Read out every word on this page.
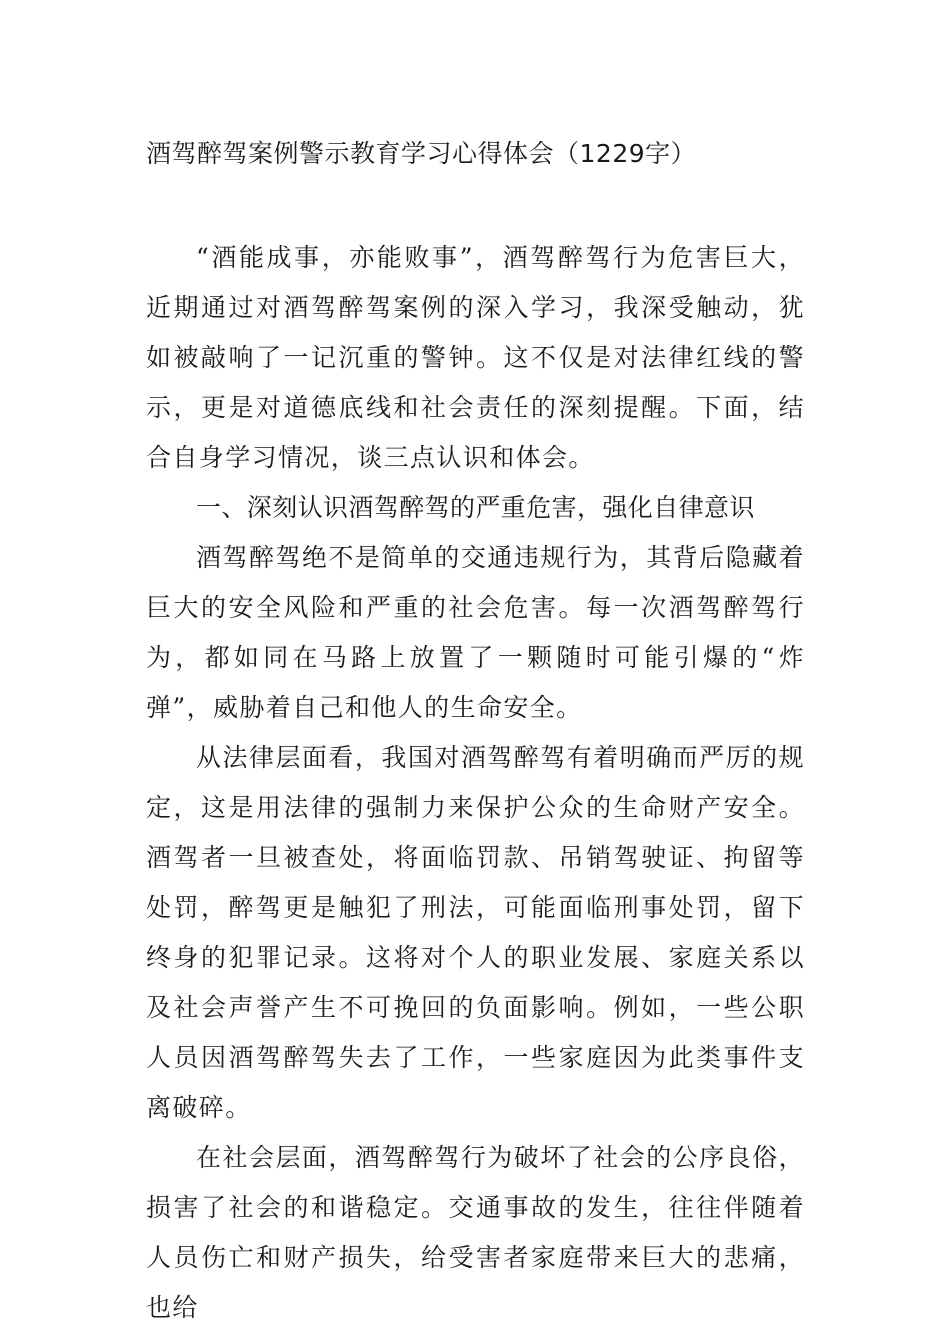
酒驾醉驾案例警示教育学习心得体会（1229字）

“酒能成事，亦能败事”，酒驾醉驾行为危害巨大，近期通过对酒驾醉驾案例的深入学习，我深受触动，犹如被敲响了一记沉重的警钟。这不仅是对法律红线的警示，更是对道德底线和社会责任的深刻提醒。下面，结合自身学习情况，谈三点认识和体会。

一、深刻认识酒驾醉驾的严重危害，强化自律意识

酒驾醉驾绝不是简单的交通违规行为，其背后隐藏着巨大的安全风险和严重的社会危害。每一次酒驾醉驾行为，都如同在马路上放置了一颗随时可能引爆的“炸弹”，威胁着自己和他人的生命安全。

从法律层面看，我国对酒驾醉驾有着明确而严厉的规定，这是用法律的强制力来保护公众的生命财产安全。酒驾者一旦被查处，将面临罚款、吊销驾驶证、拘留等处罚，醉驾更是触犯了刑法，可能面临刑事处罚，留下终身的犯罪记录。这将对个人的职业发展、家庭关系以及社会声誉产生不可挽回的负面影响。例如，一些公职人员因酒驾醉驾失去了工作，一些家庭因为此类事件支离破碎。

在社会层面，酒驾醉驾行为破坏了社会的公序良俗，损害了社会的和谐稳定。交通事故的发生，往往伴随着人员伤亡和财产损失，给受害者家庭带来巨大的悲痛，也给
